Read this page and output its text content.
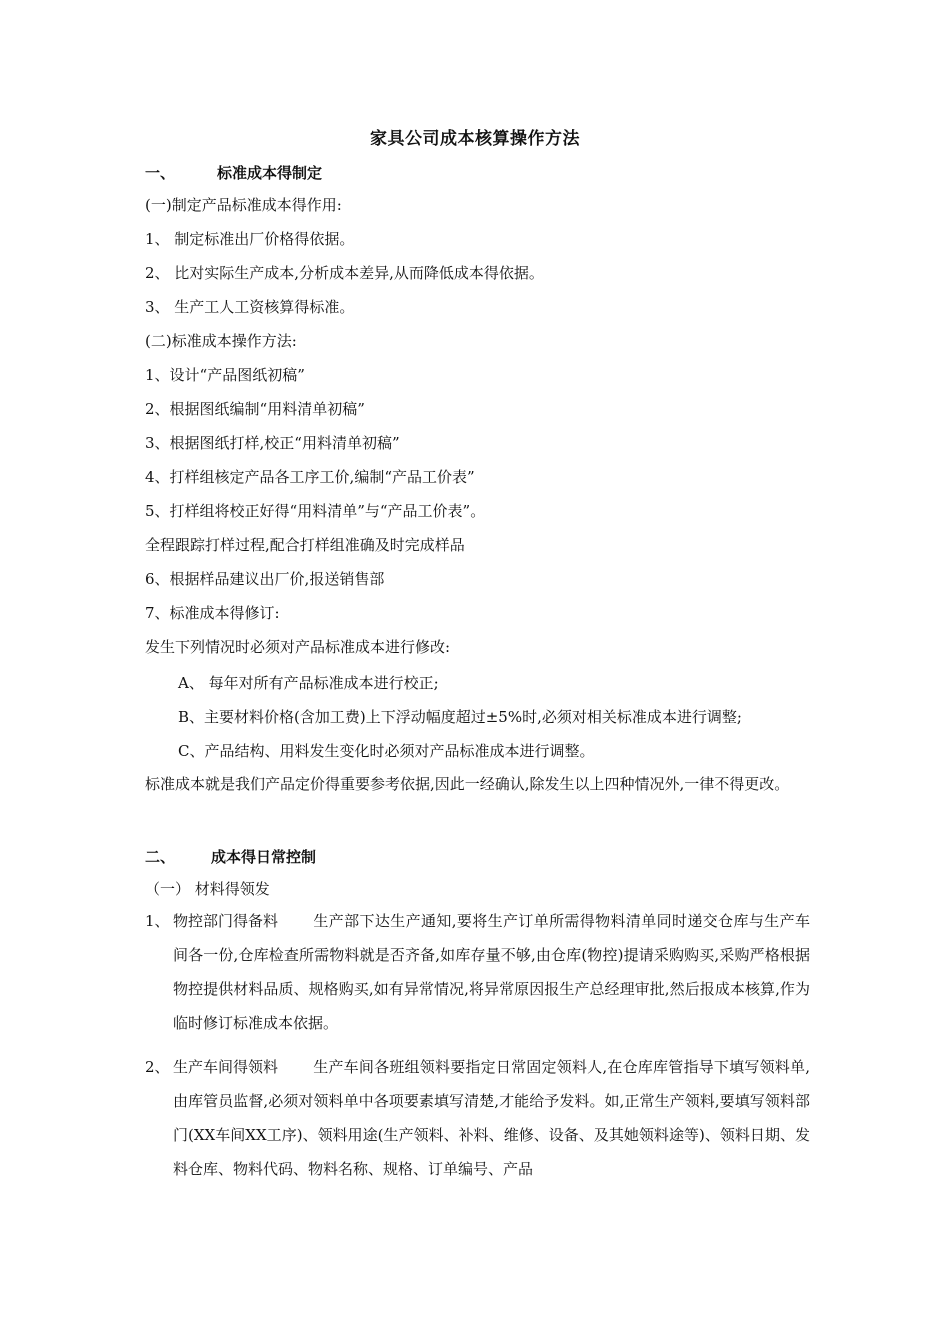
家具公司成本核算操作方法
一、	标准成本得制定
(一)制定产品标准成本得作用:
1、 制定标准出厂价格得依据。
2、 比对实际生产成本,分析成本差异,从而降低成本得依据。
3、 生产工人工资核算得标准。
(二)标准成本操作方法:
1、设计“产品图纸初稿”
2、根据图纸编制“用料清单初稿”
3、根据图纸打样,校正“用料清单初稿”
4、打样组核定产品各工序工价,编制“产品工价表”
5、打样组将校正好得“用料清单”与“产品工价表”。
全程跟踪打样过程,配合打样组准确及时完成样品
6、根据样品建议出厂价,报送销售部
7、标准成本得修订:
发生下列情况时必须对产品标准成本进行修改:
A、 每年对所有产品标准成本进行校正;
B、主要材料价格(含加工费)上下浮动幅度超过±5%时,必须对相关标准成本进行调整;
C、产品结构、用料发生变化时必须对产品标准成本进行调整。
标准成本就是我们产品定价得重要参考依据,因此一经确认,除发生以上四种情况外,一律不得更改。
二、 成本得日常控制
（一） 材料得领发
1、 物控部门得备料 生产部下达生产通知,要将生产订单所需得物料清单同时递交仓库与生产车间各一份,仓库检查所需物料就是否齐备,如库存量不够,由仓库(物控)提请采购购买,采购严格根据物控提供材料品质、规格购买,如有异常情况,将异常原因报生产总经理审批,然后报成本核算,作为临时修订标准成本依据。
2、 生产车间得领料 生产车间各班组领料要指定日常固定领料人,在仓库库管指导下填写领料单,由库管员监督,必须对领料单中各项要素填写清楚,才能给予发料。如,正常生产领料,要填写领料部门(XX车间XX工序)、领料用途(生产领料、补料、维修、设备、及其她领料途等)、领料日期、发料仓库、物料代码、物料名称、规格、订单编号、产品
